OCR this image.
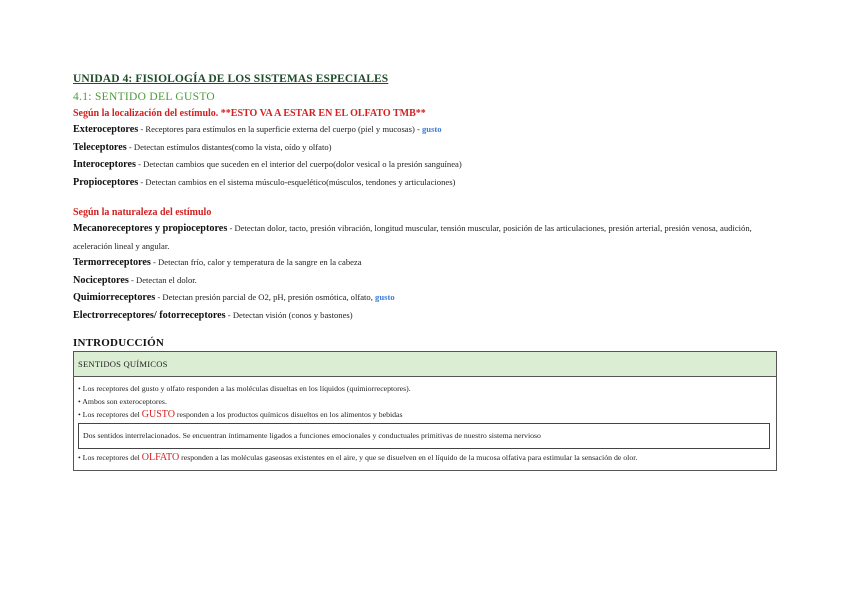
UNIDAD 4: FISIOLOGÍA DE LOS SISTEMAS ESPECIALES

4.1: SENTIDO DEL GUSTO

Según la localización del estímulo. **ESTO VA A ESTAR EN EL OLFATO TMB**

Exteroceptores - Receptores para estímulos en la superficie externa del cuerpo (piel y mucosas) - gusto

Teleceptores - Detectan estímulos distantes(como la vista, oído y olfato)

Interoceptores - Detectan cambios que suceden en el interior del cuerpo(dolor vesical o la presión sanguínea)

Propioceptores - Detectan cambios en el sistema músculo-esquelético(músculos, tendones y articulaciones)

Según la naturaleza del estímulo

Mecanoreceptores y propioceptores - Detectan dolor, tacto, presión vibración, longitud muscular, tensión muscular, posición de las articulaciones, presión arterial, presión venosa, audición, aceleración lineal y angular.

Termorreceptores - Detectan frío, calor y temperatura de la sangre en la cabeza

Nociceptores - Detectan el dolor.

Quimiorreceptores - Detectan presión parcial de O2, pH, presión osmótica, olfato, gusto

Electrorreceptores/ fotorreceptores - Detectan visión (conos y bastones)

INTRODUCCIÓN

SENTIDOS QUÍMICOS

• Los receptores del gusto y olfato responden a las moléculas disueltas en los líquidos (quimiorreceptores).

• Ambos son exteroceptores.

• Los receptores del GUSTO responden a los productos químicos disueltos en los alimentos y bebidas

Dos sentidos interrelacionados. Se encuentran íntimamente ligados a funciones emocionales y conductuales primitivas de nuestro sistema nervioso

• Los receptores del OLFATO responden a las moléculas gaseosas existentes en el aire, y que se disuelven en el líquido de la mucosa olfativa para estimular la sensación de olor.
